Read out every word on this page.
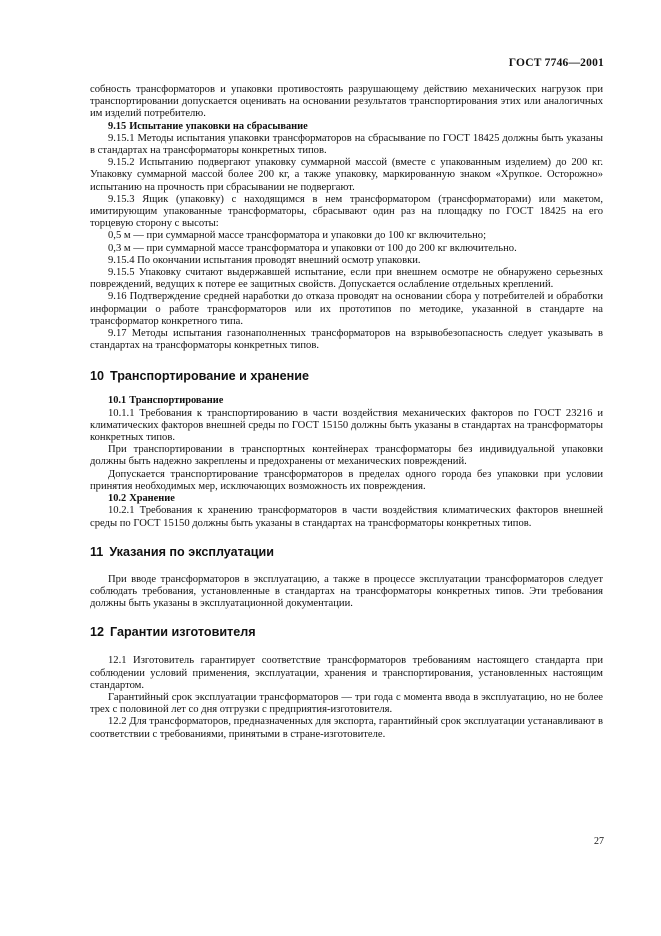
ГОСТ 7746—2001

собность трансформаторов и упаковки противостоять разрушающему действию механических нагрузок при транспортировании допускается оценивать на основании результатов транспортирования этих или аналогичных им изделий потребителю.

9.15 Испытание упаковки на сбрасывание

9.15.1 Методы испытания упаковки трансформаторов на сбрасывание по ГОСТ 18425 должны быть указаны в стандартах на трансформаторы конкретных типов.

9.15.2 Испытанию подвергают упаковку суммарной массой (вместе с упакованным изделием) до 200 кг. Упаковку суммарной массой более 200 кг, а также упаковку, маркированную знаком «Хрупкое. Осторожно» испытанию на прочность при сбрасывании не подвергают.

9.15.3 Ящик (упаковку) с находящимся в нем трансформатором (трансформаторами) или макетом, имитирующим упакованные трансформаторы, сбрасывают один раз на площадку по ГОСТ 18425 на его торцевую сторону с высоты:

0,5 м — при суммарной массе трансформатора и упаковки до 100 кг включительно;

0,3 м — при суммарной массе трансформатора и упаковки от 100 до 200 кг включительно.

9.15.4 По окончании испытания проводят внешний осмотр упаковки.

9.15.5 Упаковку считают выдержавшей испытание, если при внешнем осмотре не обнаружено серьезных повреждений, ведущих к потере ее защитных свойств. Допускается ослабление отдельных креплений.

9.16 Подтверждение средней наработки до отказа проводят на основании сбора у потребителей и обработки информации о работе трансформаторов или их прототипов по методике, указанной в стандарте на трансформатор конкретного типа.

9.17 Методы испытания газонаполненных трансформаторов на взрывобезопасность следует указывать в стандартах на трансформаторы конкретных типов.

10 Транспортирование и хранение

10.1 Транспортирование

10.1.1 Требования к транспортированию в части воздействия механических факторов по ГОСТ 23216 и климатических факторов внешней среды по ГОСТ 15150 должны быть указаны в стандартах на трансформаторы конкретных типов.

При транспортировании в транспортных контейнерах трансформаторы без индивидуальной упаковки должны быть надежно закреплены и предохранены от механических повреждений.

Допускается транспортирование трансформаторов в пределах одного города без упаковки при условии принятия необходимых мер, исключающих возможность их повреждения.

10.2 Хранение

10.2.1 Требования к хранению трансформаторов в части воздействия климатических факторов внешней среды по ГОСТ 15150 должны быть указаны в стандартах на трансформаторы конкретных типов.

11 Указания по эксплуатации

При вводе трансформаторов в эксплуатацию, а также в процессе эксплуатации трансформаторов следует соблюдать требования, установленные в стандартах на трансформаторы конкретных типов. Эти требования должны быть указаны в эксплуатационной документации.

12 Гарантии изготовителя

12.1 Изготовитель гарантирует соответствие трансформаторов требованиям настоящего стандарта при соблюдении условий применения, эксплуатации, хранения и транспортирования, установленных настоящим стандартом.

Гарантийный срок эксплуатации трансформаторов — три года с момента ввода в эксплуатацию, но не более трех с половиной лет со дня отгрузки с предприятия-изготовителя.

12.2 Для трансформаторов, предназначенных для экспорта, гарантийный срок эксплуатации устанавливают в соответствии с требованиями, принятыми в стране-изготовителе.

27
